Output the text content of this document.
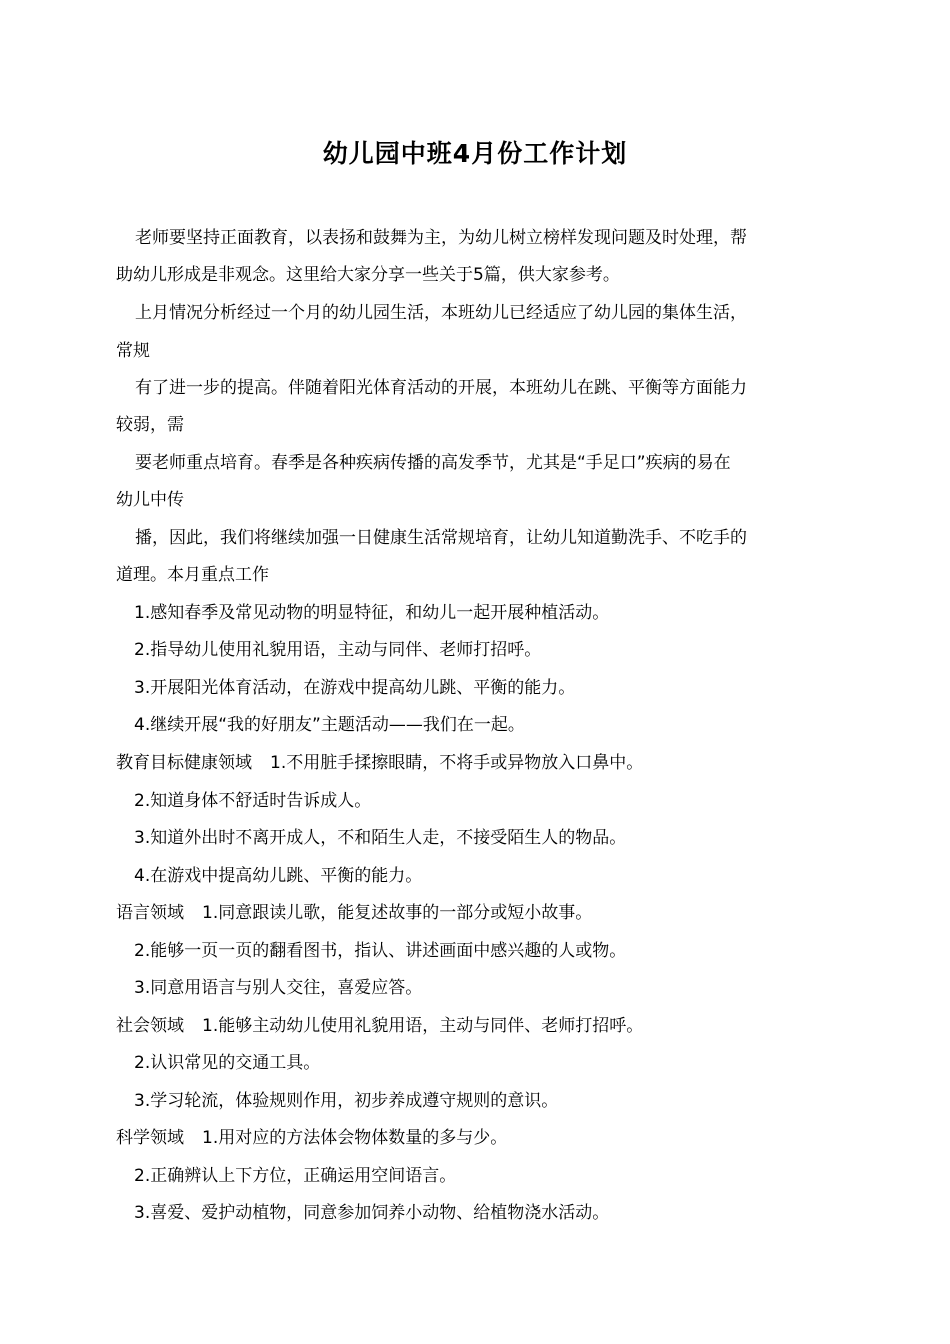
幼儿园中班4月份工作计划
老师要坚持正面教育，以表扬和鼓舞为主，为幼儿树立榜样发现问题及时处理，帮
助幼儿形成是非观念。这里给大家分享一些关于5篇，供大家参考。
上月情况分析经过一个月的幼儿园生活，本班幼儿已经适应了幼儿园的集体生活，
常规
有了进一步的提高。伴随着阳光体育活动的开展，本班幼儿在跳、平衡等方面能力
较弱，需
要老师重点培育。春季是各种疾病传播的高发季节，尤其是“手足口”疾病的易在
幼儿中传
播，因此，我们将继续加强一日健康生活常规培育，让幼儿知道勤洗手、不吃手的
道理。本月重点工作
1.感知春季及常见动物的明显特征，和幼儿一起开展种植活动。
2.指导幼儿使用礼貌用语，主动与同伴、老师打招呼。
3.开展阳光体育活动，在游戏中提高幼儿跳、平衡的能力。
4.继续开展“我的好朋友”主题活动——我们在一起。
教育目标健康领域 1.不用脏手揉擦眼睛，不将手或异物放入口鼻中。
2.知道身体不舒适时告诉成人。
3.知道外出时不离开成人，不和陌生人走，不接受陌生人的物品。
4.在游戏中提高幼儿跳、平衡的能力。
语言领域 1.同意跟读儿歌，能复述故事的一部分或短小故事。
2.能够一页一页的翻看图书，指认、讲述画面中感兴趣的人或物。
3.同意用语言与别人交往，喜爱应答。
社会领域 1.能够主动幼儿使用礼貌用语，主动与同伴、老师打招呼。
2.认识常见的交通工具。
3.学习轮流，体验规则作用，初步养成遵守规则的意识。
科学领域 1.用对应的方法体会物体数量的多与少。
2.正确辨认上下方位，正确运用空间语言。
3.喜爱、爱护动植物，同意参加饲养小动物、给植物浇水活动。
